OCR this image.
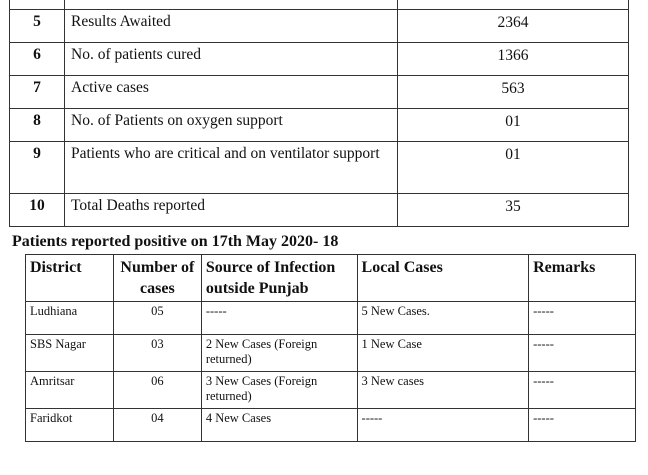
5	Results Awaited	2364
6	No. of patients cured	1366
7	Active cases	563
8	No. of Patients on oxygen support	01
9	Patients who are critical and on ventilator support	01
10	Total Deaths reported	35
Patients reported positive on 17th May 2020- 18
District	Number of cases	Source of Infection outside Punjab	Local Cases	Remarks
Ludhiana	05	-----	5 New Cases.	-----
SBS Nagar	03	2 New Cases (Foreign returned)	1 New Case	-----
Amritsar	06	3 New Cases (Foreign returned)	3 New cases	-----
Faridkot	04	4 New Cases	-----	-----
